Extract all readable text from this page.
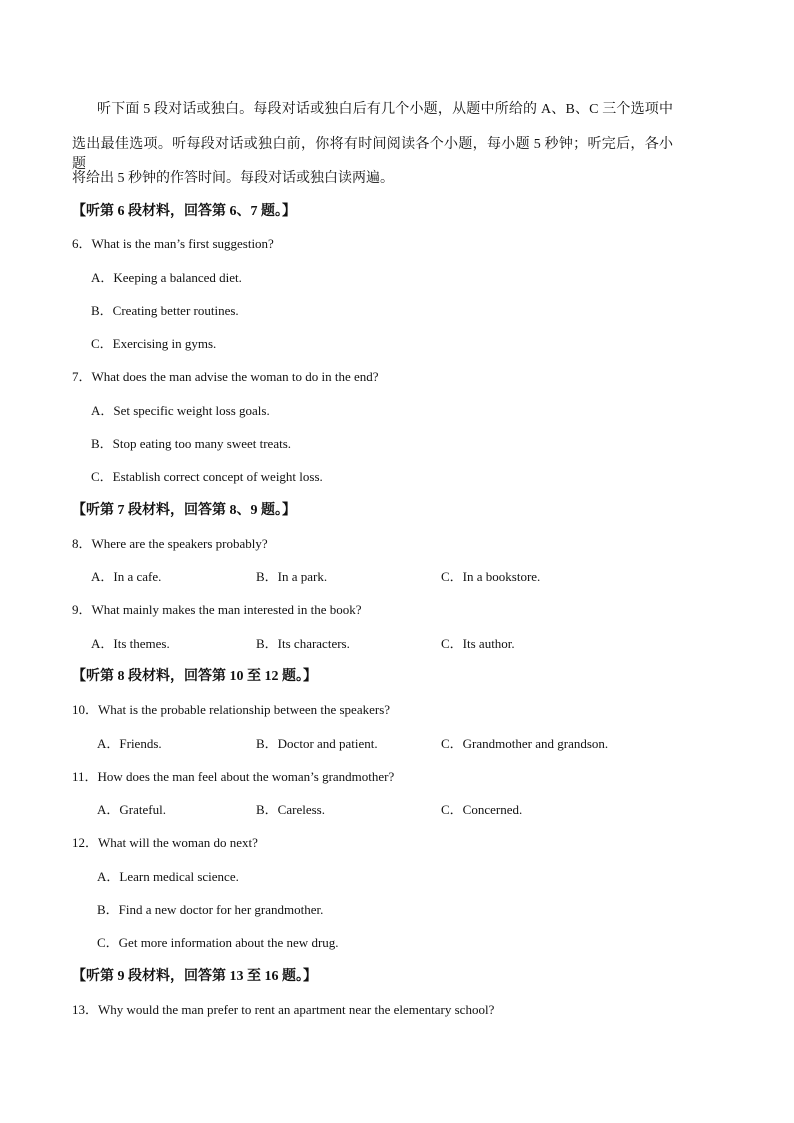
听下面 5 段对话或独白。每段对话或独白后有几个小题，从题中所给的 A、B、C 三个选项中
选出最佳选项。听每段对话或独白前，你将有时间阅读各个小题，每小题 5 秒钟；听完后，各小题
将给出 5 秒钟的作答时间。每段对话或独白读两遍。
【听第 6 段材料，回答第 6、7 题。】
6．What is the man’s first suggestion?
A．Keeping a balanced diet.
B．Creating better routines.
C．Exercising in gyms.
7．What does the man advise the woman to do in the end?
A．Set specific weight loss goals.
B．Stop eating too many sweet treats.
C．Establish correct concept of weight loss.
【听第 7 段材料，回答第 8、9 题。】
8．Where are the speakers probably?
A．In a cafe.	B．In a park.	C．In a bookstore.
9．What mainly makes the man interested in the book?
A．Its themes.	B．Its characters.	C．Its author.
【听第 8 段材料，回答第 10 至 12 题。】
10．What is the probable relationship between the speakers?
A．Friends.	B．Doctor and patient.	C．Grandmother and grandson.
11．How does the man feel about the woman’s grandmother?
A．Grateful.	B．Careless.	C．Concerned.
12．What will the woman do next?
A．Learn medical science.
B．Find a new doctor for her grandmother.
C．Get more information about the new drug.
【听第 9 段材料，回答第 13 至 16 题。】
13．Why would the man prefer to rent an apartment near the elementary school?
